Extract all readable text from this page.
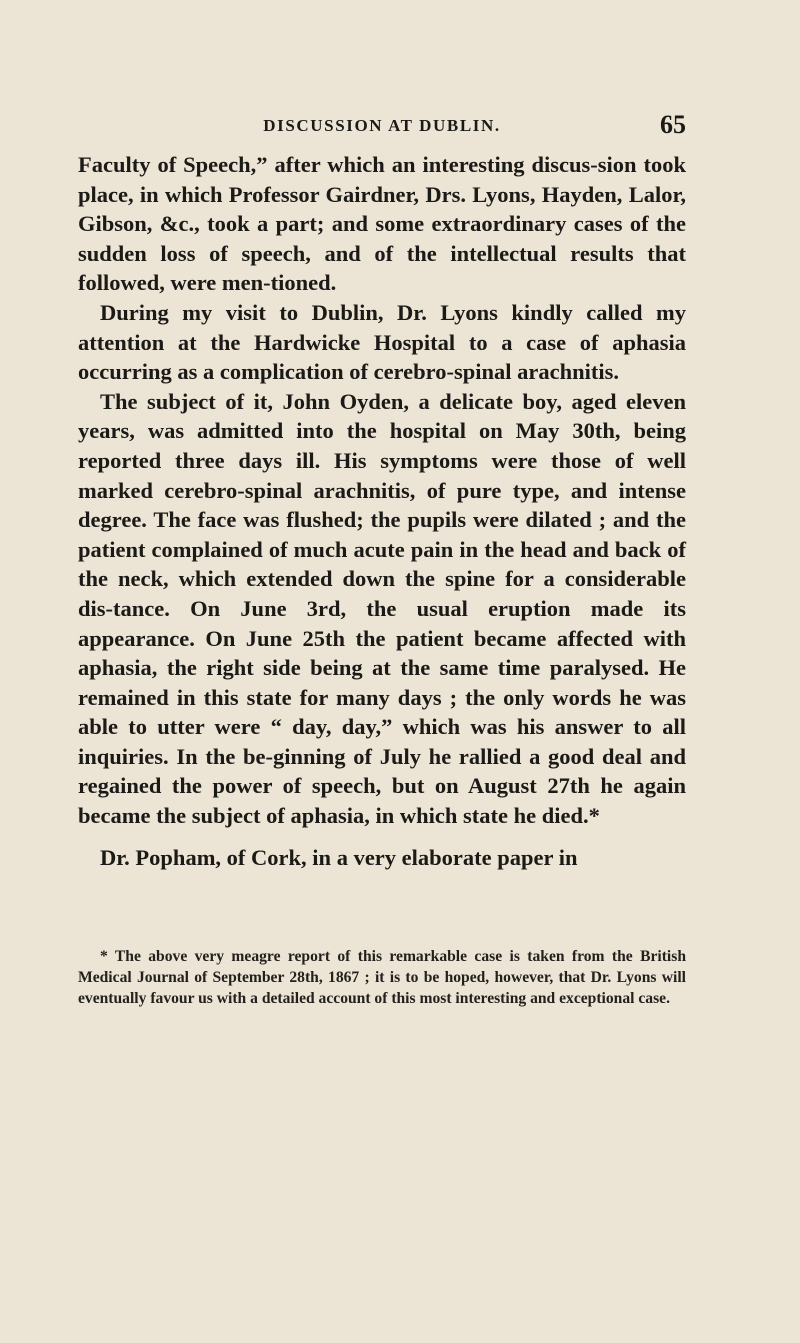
DISCUSSION AT DUBLIN.	65

Faculty of Speech,” after which an interesting discus-sion took place, in which Professor Gairdner, Drs. Lyons, Hayden, Lalor, Gibson, &c., took a part; and some extraordinary cases of the sudden loss of speech, and of the intellectual results that followed, were men-tioned.

During my visit to Dublin, Dr. Lyons kindly called my attention at the Hardwicke Hospital to a case of aphasia occurring as a complication of cerebro-spinal arachnitis.

The subject of it, John Oyden, a delicate boy, aged eleven years, was admitted into the hospital on May 30th, being reported three days ill. His symptoms were those of well marked cerebro-spinal arachnitis, of pure type, and intense degree. The face was flushed; the pupils were dilated ; and the patient complained of much acute pain in the head and back of the neck, which extended down the spine for a considerable dis-tance. On June 3rd, the usual eruption made its appearance. On June 25th the patient became affected with aphasia, the right side being at the same time paralysed. He remained in this state for many days ; the only words he was able to utter were “ day, day,” which was his answer to all inquiries. In the be-ginning of July he rallied a good deal and regained the power of speech, but on August 27th he again became the subject of aphasia, in which state he died.*

Dr. Popham, of Cork, in a very elaborate paper in

* The above very meagre report of this remarkable case is taken from the British Medical Journal of September 28th, 1867 ; it is to be hoped, however, that Dr. Lyons will eventually favour us with a detailed account of this most interesting and exceptional case.
